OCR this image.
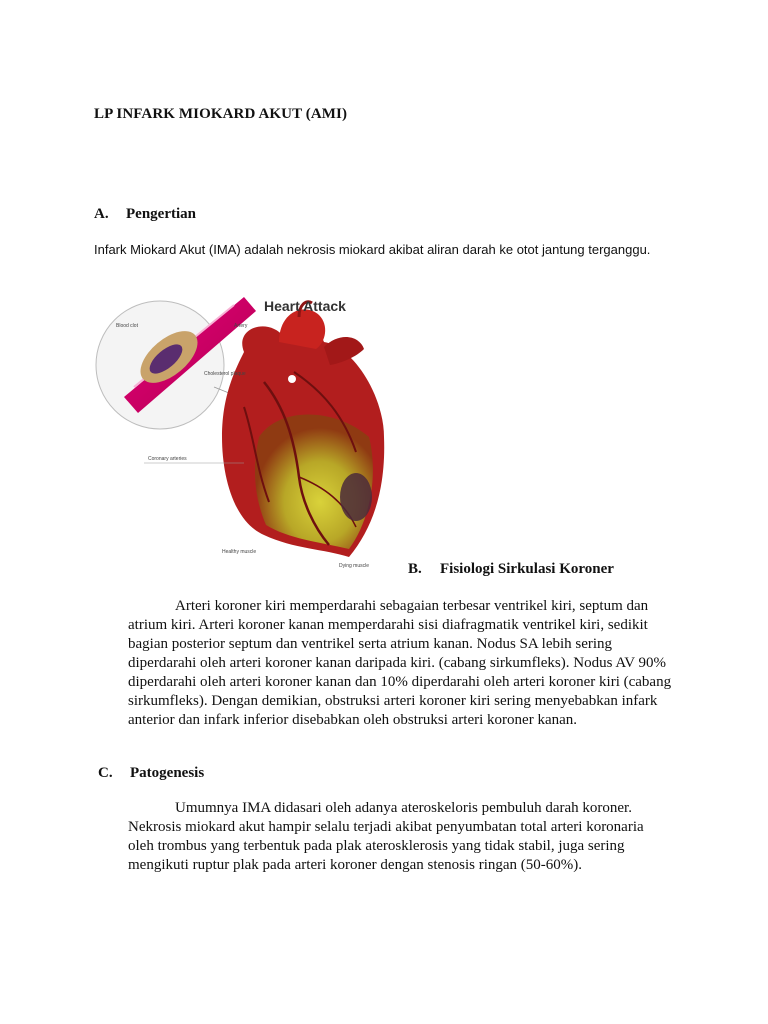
LP INFARK MIOKARD AKUT (AMI)
A. Pengertian
Infark Miokard Akut (IMA) adalah nekrosis miokard akibat aliran darah ke otot jantung terganggu.
Heart Attack
Blood clot	Artery
Cholesterol plaque
Coronary arteries
Healthy muscle
Dying muscle	B. Fisiologi Sirkulasi Koroner

Arteri koroner kiri memperdarahi sebagaian terbesar ventrikel kiri, septum dan atrium kiri. Arteri koroner kanan memperdarahi sisi diafragmatik ventrikel kiri, sedikit bagian posterior septum dan ventrikel serta atrium kanan. Nodus SA lebih sering diperdarahi oleh arteri koroner kanan daripada kiri. (cabang sirkumfleks). Nodus AV 90% diperdarahi oleh arteri koroner kanan dan 10% diperdarahi oleh arteri koroner kiri (cabang sirkumfleks). Dengan demikian, obstruksi arteri koroner kiri sering menyebabkan infark anterior dan infark inferior disebabkan oleh obstruksi arteri koroner kanan.

C. Patogenesis

Umumnya IMA didasari oleh adanya ateroskeloris pembuluh darah koroner. Nekrosis miokard akut hampir selalu terjadi akibat penyumbatan total arteri koronaria oleh trombus yang terbentuk pada plak aterosklerosis yang tidak stabil, juga sering mengikuti ruptur plak pada arteri koroner dengan stenosis ringan (50-60%).
